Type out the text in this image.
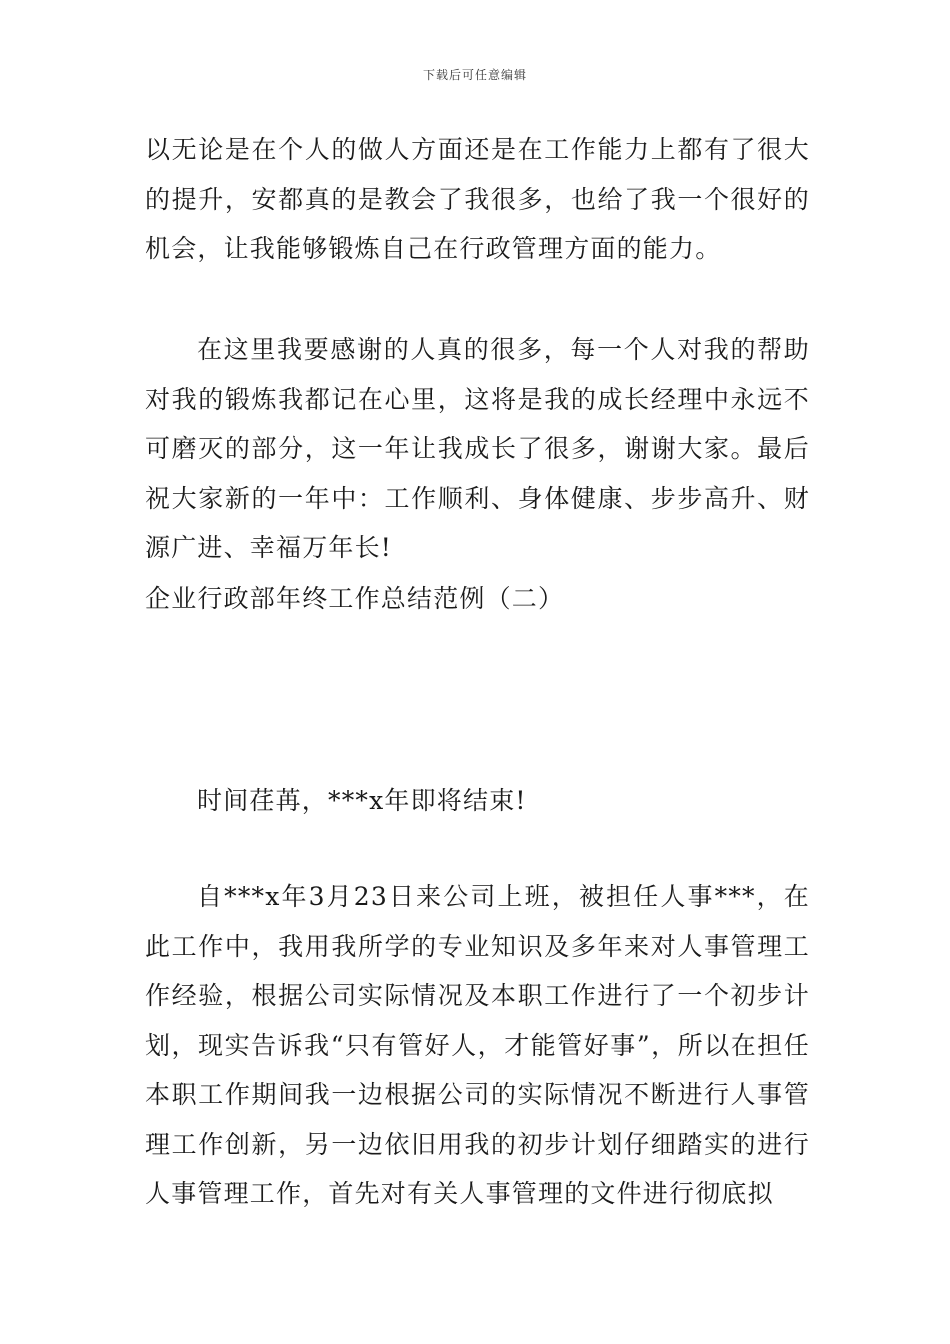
下载后可任意编辑

以无论是在个人的做人方面还是在工作能力上都有了很大的提升，安都真的是教会了我很多，也给了我一个很好的机会，让我能够锻炼自己在行政管理方面的能力。

在这里我要感谢的人真的很多，每一个人对我的帮助对我的锻炼我都记在心里，这将是我的成长经理中永远不可磨灭的部分，这一年让我成长了很多，谢谢大家。最后祝大家新的一年中：工作顺利、身体健康、步步高升、财源广进、幸福万年长!

企业行政部年终工作总结范例（二）

时间荏苒，***x年即将结束!

自***x年3月23日来公司上班，被担任人事***，在此工作中，我用我所学的专业知识及多年来对人事管理工作经验，根据公司实际情况及本职工作进行了一个初步计划，现实告诉我“只有管好人，才能管好事”，所以在担任本职工作期间我一边根据公司的实际情况不断进行人事管理工作创新，另一边依旧用我的初步计划仔细踏实的进行人事管理工作，首先对有关人事管理的文件进行彻底拟
